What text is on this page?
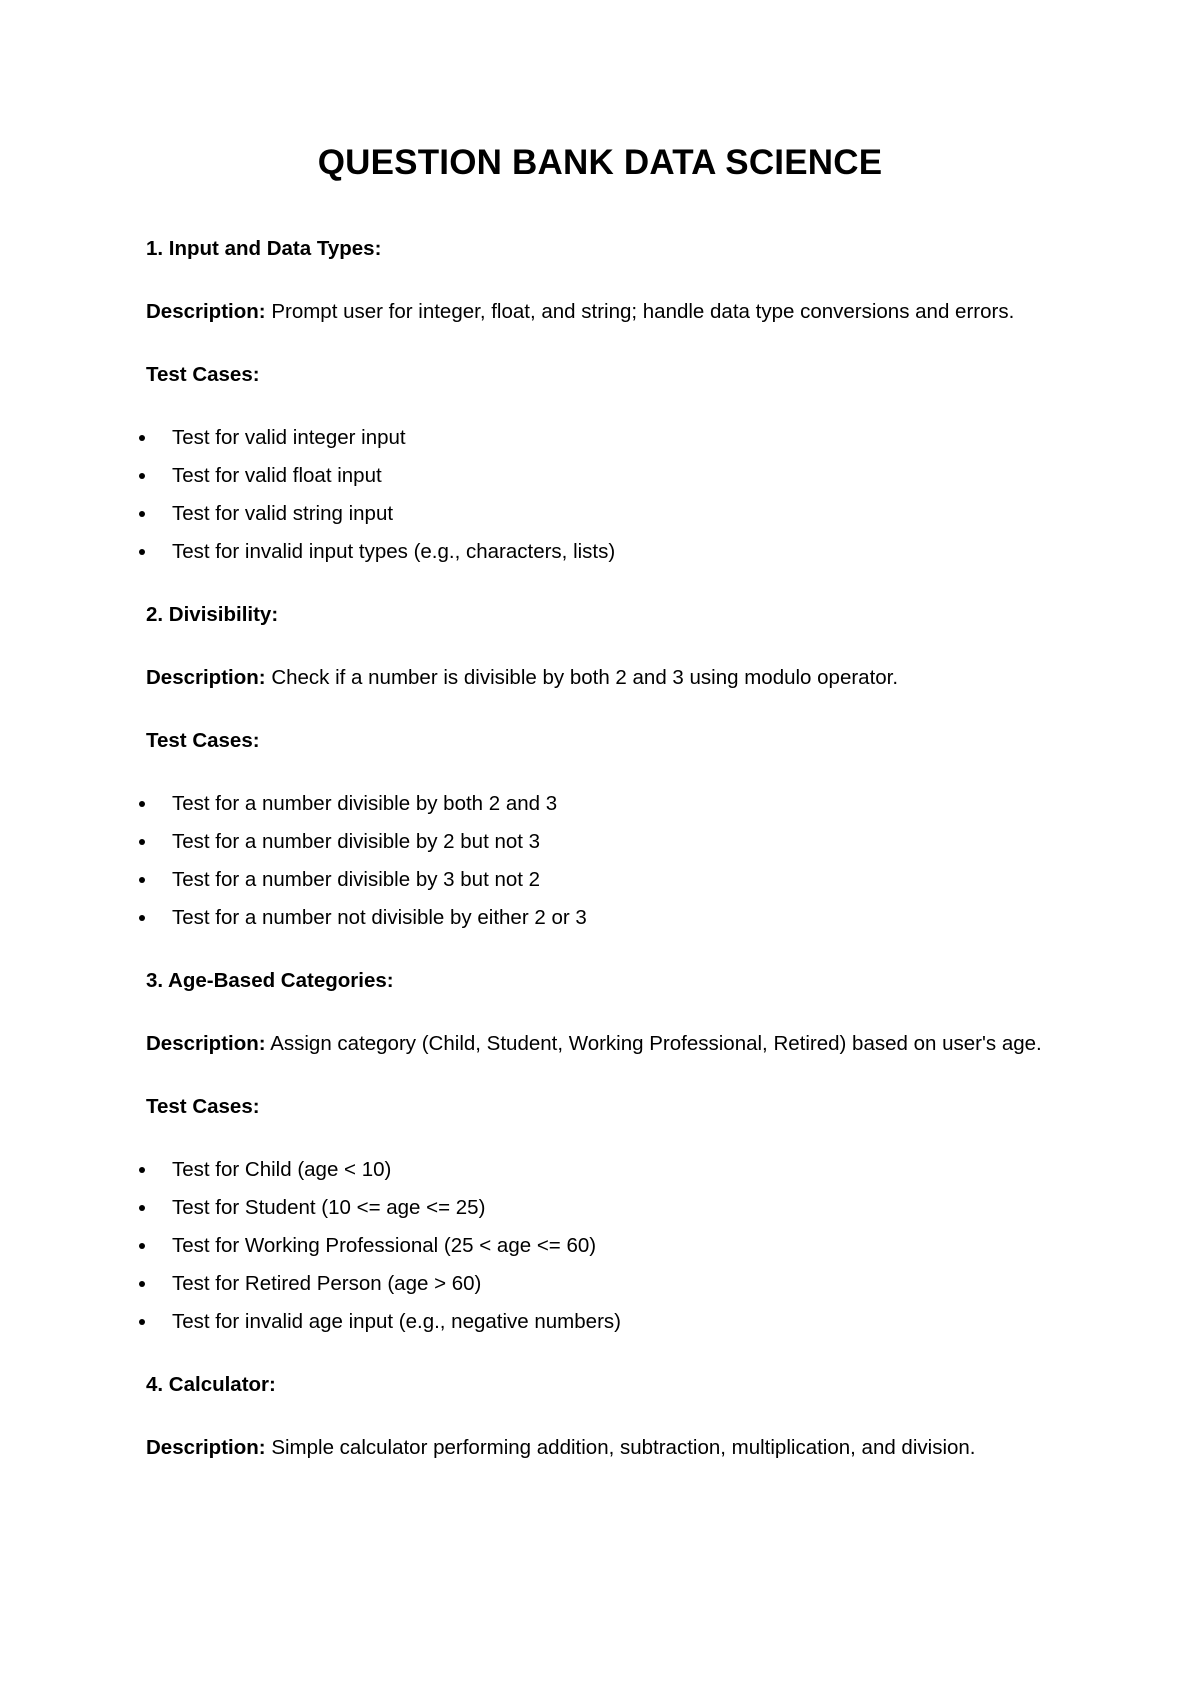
QUESTION BANK DATA SCIENCE

1. Input and Data Types:

Description: Prompt user for integer, float, and string; handle data type conversions and errors.

Test Cases:

Test for valid integer input
Test for valid float input
Test for valid string input
Test for invalid input types (e.g., characters, lists)

2. Divisibility:

Description: Check if a number is divisible by both 2 and 3 using modulo operator.

Test Cases:

Test for a number divisible by both 2 and 3
Test for a number divisible by 2 but not 3
Test for a number divisible by 3 but not 2
Test for a number not divisible by either 2 or 3

3. Age-Based Categories:

Description: Assign category (Child, Student, Working Professional, Retired) based on user's age.

Test Cases:

Test for Child (age < 10)
Test for Student (10 <= age <= 25)
Test for Working Professional (25 < age <= 60)
Test for Retired Person (age > 60)
Test for invalid age input (e.g., negative numbers)

4. Calculator:

Description: Simple calculator performing addition, subtraction, multiplication, and division.
